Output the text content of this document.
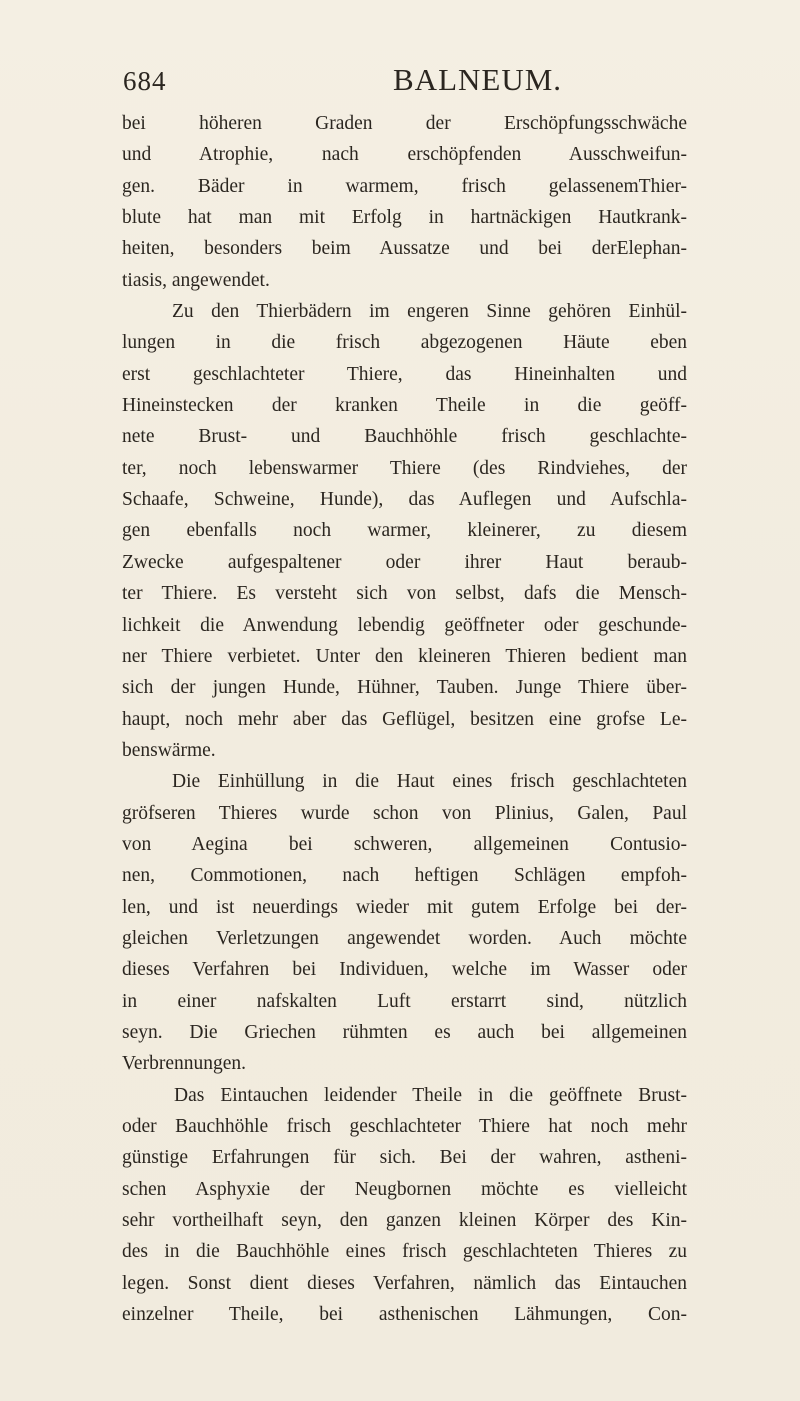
684	BALNEUM.
bei höheren Graden der Erschöpfungsschwäche
und Atrophie, nach erschöpfenden Ausschweifun-
gen. Bäder in warmem, frisch gelassenemThier-
blute hat man mit Erfolg in hartnäckigen Hautkrank-
heiten, besonders beim Aussatze und bei derElephan-
tiasis, angewendet.
Zu den Thierbädern im engeren Sinne gehören Einhül-
lungen in die frisch abgezogenen Häute eben
erst geschlachteter Thiere, das Hineinhalten und
Hineinstecken der kranken Theile in die geöff-
nete Brust- und Bauchhöhle frisch geschlachte-
ter, noch lebenswarmer Thiere (des Rindviehes, der
Schaafe, Schweine, Hunde), das Auflegen und Aufschla-
gen ebenfalls noch warmer, kleinerer, zu diesem
Zwecke aufgespaltener oder ihrer Haut beraub-
ter Thiere. Es versteht sich von selbst, dafs die Mensch-
lichkeit die Anwendung lebendig geöffneter oder geschunde-
ner Thiere verbietet. Unter den kleineren Thieren bedient man
sich der jungen Hunde, Hühner, Tauben. Junge Thiere über-
haupt, noch mehr aber das Geflügel, besitzen eine grofse Le-
benswärme.
Die Einhüllung in die Haut eines frisch geschlachteten
gröfseren Thieres wurde schon von Plinius, Galen, Paul
von Aegina bei schweren, allgemeinen Contusio-
nen, Commotionen, nach heftigen Schlägen empfoh-
len, und ist neuerdings wieder mit gutem Erfolge bei der-
gleichen Verletzungen angewendet worden. Auch möchte
dieses Verfahren bei Individuen, welche im Wasser oder
in einer nafskalten Luft erstarrt sind, nützlich
seyn. Die Griechen rühmten es auch bei allgemeinen
Verbrennungen.
Das Eintauchen leidender Theile in die geöffnete Brust-
oder Bauchhöhle frisch geschlachteter Thiere hat noch mehr
günstige Erfahrungen für sich. Bei der wahren, astheni-
schen Asphyxie der Neugbornen möchte es vielleicht
sehr vortheilhaft seyn, den ganzen kleinen Körper des Kin-
des in die Bauchhöhle eines frisch geschlachteten Thieres zu
legen. Sonst dient dieses Verfahren, nämlich das Eintauchen
einzelner Theile, bei asthenischen Lähmungen, Con-
